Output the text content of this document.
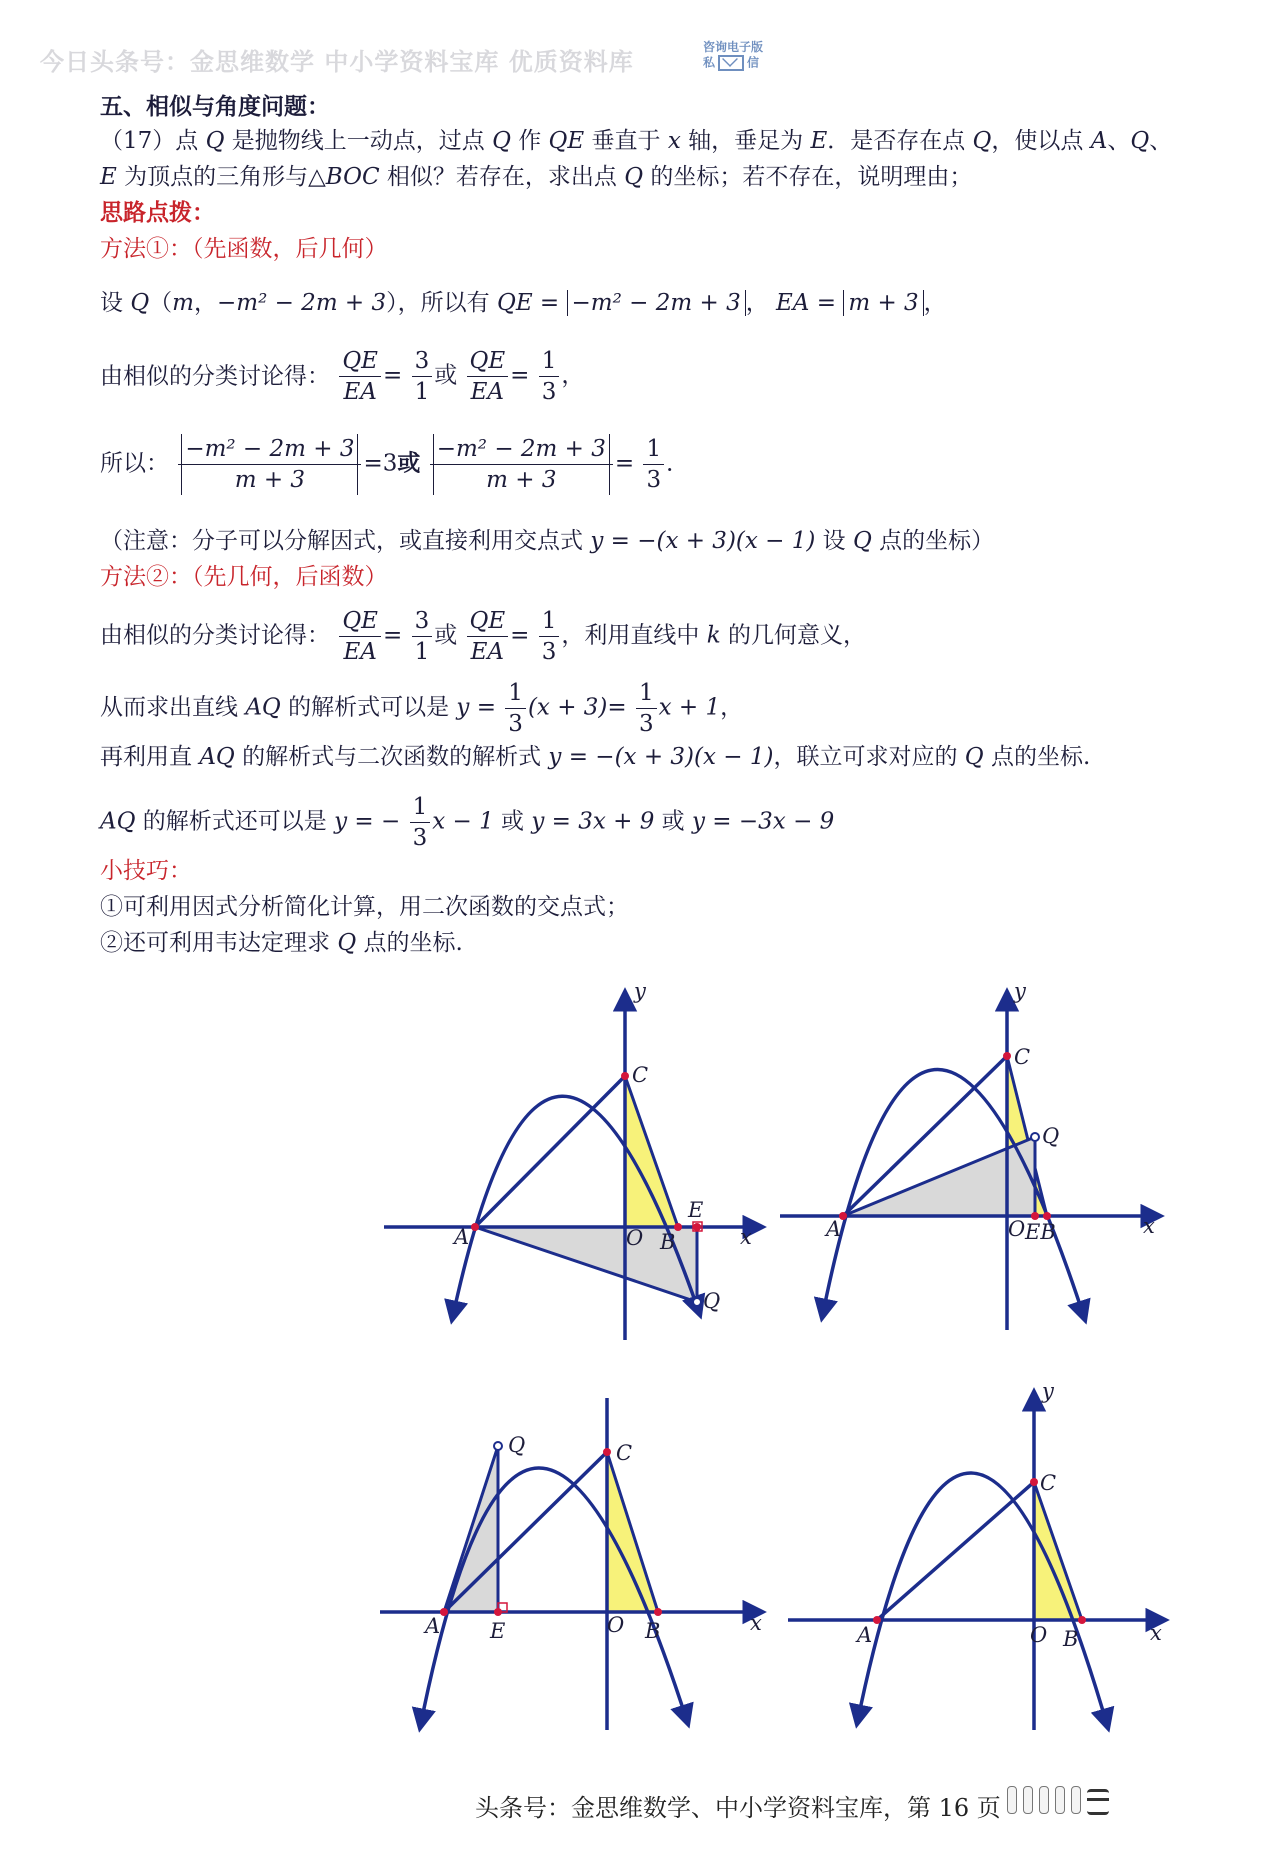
今日头条号：金思维数学 中小学资料宝库 优质资料库
咨询电子版
私	信
五、相似与角度问题：
（17）点 Q 是抛物线上一动点，过点 Q 作 QE 垂直于 x 轴，垂足为 E．是否存在点 Q，使以点 A、Q、
E 为顶点的三角形与△BOC 相似？若存在，求出点 Q 的坐标；若不存在，说明理由；
思路点拨：
方法①：（先函数，后几何）
设 Q（m，−m² − 2m + 3），所以有 QE = −m² − 2m + 3 ， EA = m + 3 ，
由相似的分类讨论得： $\frac{QE}{EA} = \frac{3}{1}$ 或 $\frac{QE}{EA} = \frac{1}{3}$ ，
所以： $\frac{\text{−m² − 2m + 3}}{m + 3} =3$或 $\frac{\text{−m² − 2m + 3}}{m + 3} = \frac{1}{3}$ ．
（注意：分子可以分解因式，或直接利用交点式 y = −(x + 3)(x − 1) 设 Q 点的坐标）
方法②：（先几何，后函数）
由相似的分类讨论得： $\frac{QE}{EA} = \frac{3}{1}$ 或 $\frac{QE}{EA} = \frac{1}{3}$ ，利用直线中 k 的几何意义，
从而求出直线 AQ 的解析式可以是 $y = \frac{1}{3} (x + 3)= \frac{1}{3}$ x + 1，
再利用直 AQ 的解析式与二次函数的解析式 y = −(x + 3)(x − 1)，联立可求对应的 Q 点的坐标.
AQ 的解析式还可以是 y = − $\frac{1}{3}$ x − 1 或 y = 3x + 9 或 y = −3x − 9
小技巧：
①可利用因式分析简化计算，用二次函数的交点式；
②还可利用韦达定理求 Q 点的坐标.
A	O B
E
C
Q
x
y
A	O EB
C
Q
x
y
A E	O B
C
Q
x	A	O B
C
x
y
头条号：金思维数学、中小学资料宝库，第 16 页
